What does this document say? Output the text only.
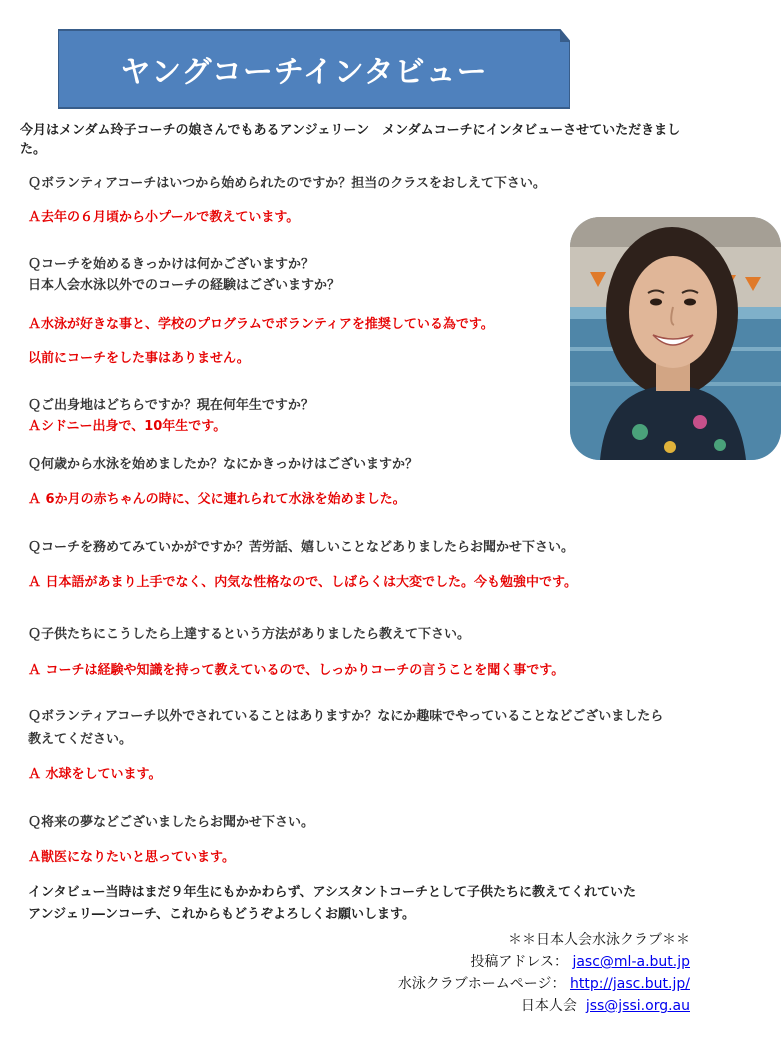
ヤングコーチインタビュー
今月はメンダム玲子コーチの娘さんでもあるアンジェリーン　メンダムコーチにインタビューさせていただきました。
Ｑボランティアコーチはいつから始められたのですか？担当のクラスをおしえて下さい。
Ａ去年の６月頃から小プールで教えています。
Ｑコーチを始めるきっかけは何かございますか？
日本人会水泳以外でのコーチの経験はございますか？
Ａ水泳が好きな事と、学校のプログラムでボランティアを推奨している為です。
以前にコーチをした事はありません。
Ｑご出身地はどちらですか？現在何年生ですか？
Ａシドニー出身で、10年生です。
Ｑ何歳から水泳を始めましたか？なにかきっかけはございますか？
Ａ 6か月の赤ちゃんの時に、父に連れられて水泳を始めました。
Ｑコーチを務めてみていかがですか？苦労話、嬉しいことなどありましたらお聞かせ下さい。
Ａ 日本語があまり上手でなく、内気な性格なので、しばらくは大変でした。今も勉強中です。
Ｑ子供たちにこうしたら上達するという方法がありましたら教えて下さい。
Ａ コーチは経験や知識を持って教えているので、しっかりコーチの言うことを聞く事です。
Ｑボランティアコーチ以外でされていることはありますか？なにか趣味でやっていることなどございましたら
教えてください。
Ａ 水球をしています。
Ｑ将来の夢などございましたらお聞かせ下さい。
Ａ獣医になりたいと思っています。
インタビュー当時はまだ９年生にもかかわらず、アシスタントコーチとして子供たちに教えてくれていた
アンジェリ―ンコーチ、これからもどうぞよろしくお願いします。
＊＊日本人会水泳クラブ＊＊
投稿アドレス： jasc@ml-a.but.jp
水泳クラブホームページ： http://jasc.but.jp/
日本人会 jss@jssi.org.au
